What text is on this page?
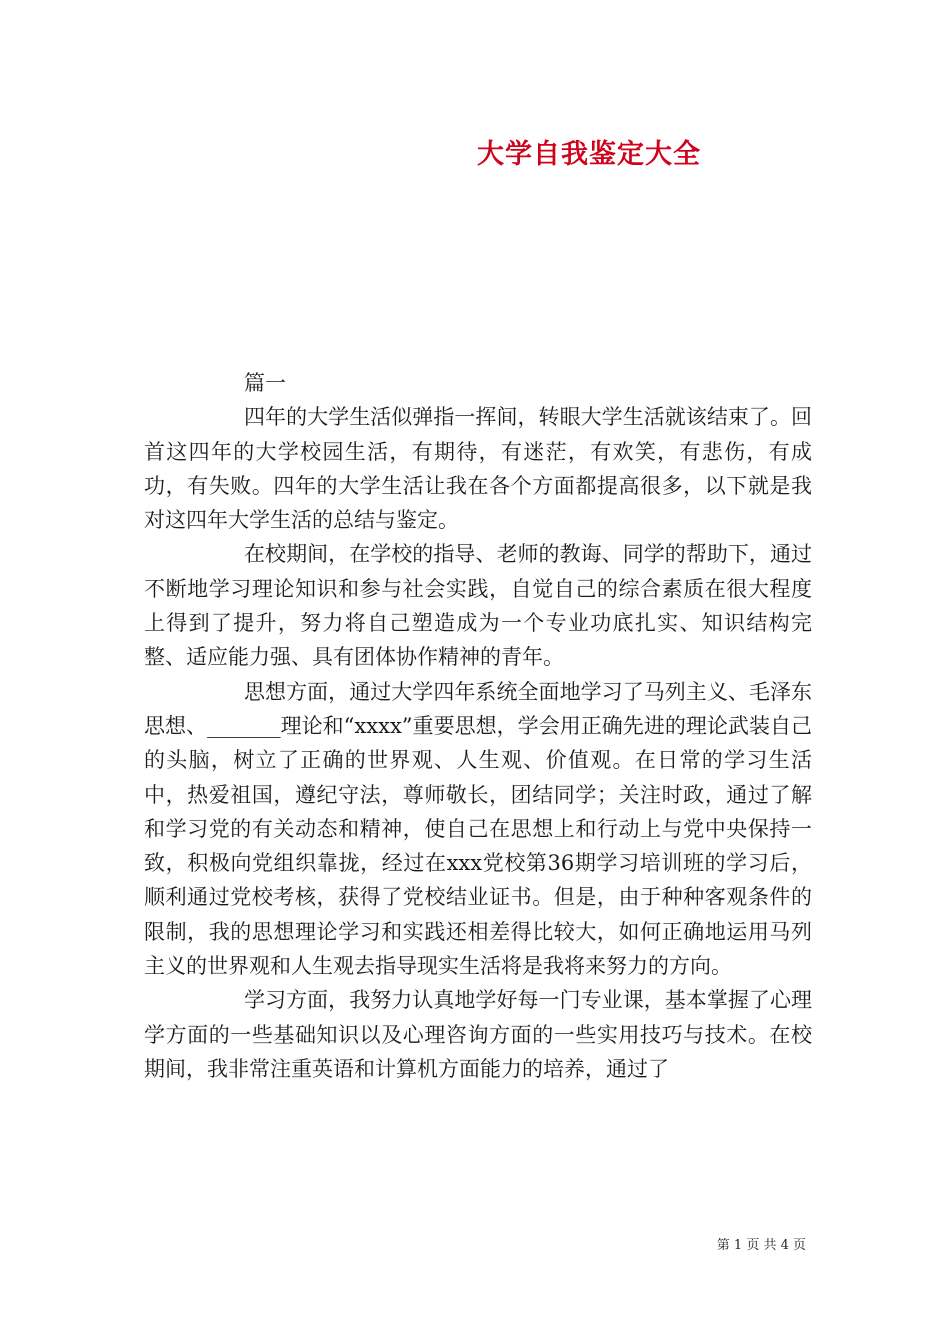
大学自我鉴定大全

篇一

四年的大学生活似弹指一挥间，转眼大学生活就该结束了。回首这四年的大学校园生活，有期待，有迷茫，有欢笑，有悲伤，有成功，有失败。四年的大学生活让我在各个方面都提高很多，以下就是我对这四年大学生活的总结与鉴定。

在校期间，在学校的指导、老师的教诲、同学的帮助下，通过不断地学习理论知识和参与社会实践，自觉自己的综合素质在很大程度上得到了提升，努力将自己塑造成为一个专业功底扎实、知识结构完整、适应能力强、具有团体协作精神的青年。

思想方面，通过大学四年系统全面地学习了马列主义、毛泽东思想、_______理论和“xxxx”重要思想，学会用正确先进的理论武装自己的头脑，树立了正确的世界观、人生观、价值观。在日常的学习生活中，热爱祖国，遵纪守法，尊师敬长，团结同学；关注时政，通过了解和学习党的有关动态和精神，使自己在思想上和行动上与党中央保持一致，积极向党组织靠拢，经过在xxx党校第36期学习培训班的学习后，顺利通过党校考核，获得了党校结业证书。但是，由于种种客观条件的限制，我的思想理论学习和实践还相差得比较大，如何正确地运用马列主义的世界观和人生观去指导现实生活将是我将来努力的方向。

学习方面，我努力认真地学好每一门专业课，基本掌握了心理学方面的一些基础知识以及心理咨询方面的一些实用技巧与技术。在校期间，我非常注重英语和计算机方面能力的培养，通过了

第 1 页 共 4 页
